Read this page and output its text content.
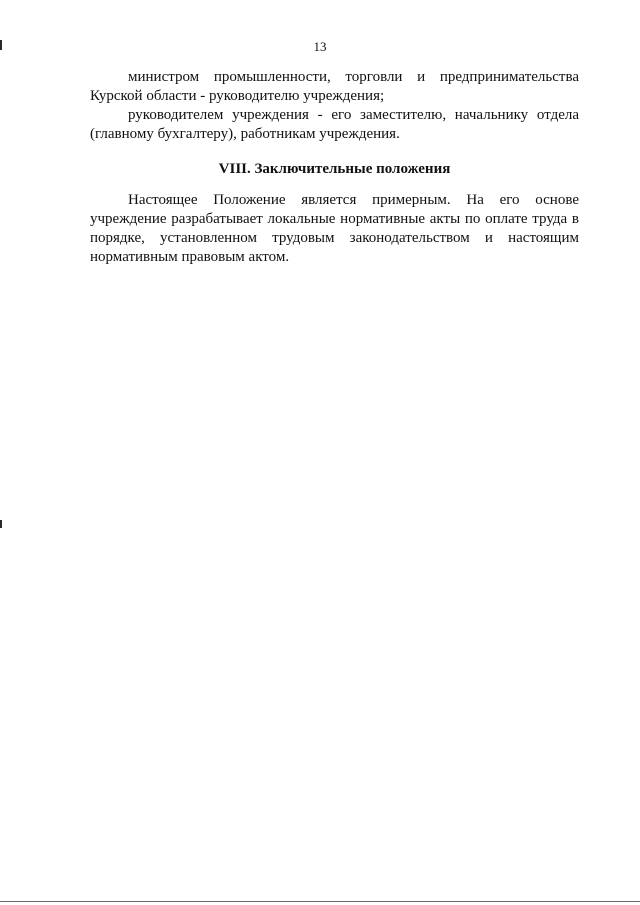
13

министром промышленности, торговли и предпринимательства Курской области - руководителю учреждения;

руководителем учреждения - его заместителю, начальнику отдела (главному бухгалтеру), работникам учреждения.

VIII. Заключительные положения

Настоящее Положение является примерным. На его основе учреждение разрабатывает локальные нормативные акты по оплате труда в порядке, установленном трудовым законодательством и настоящим нормативным правовым актом.
